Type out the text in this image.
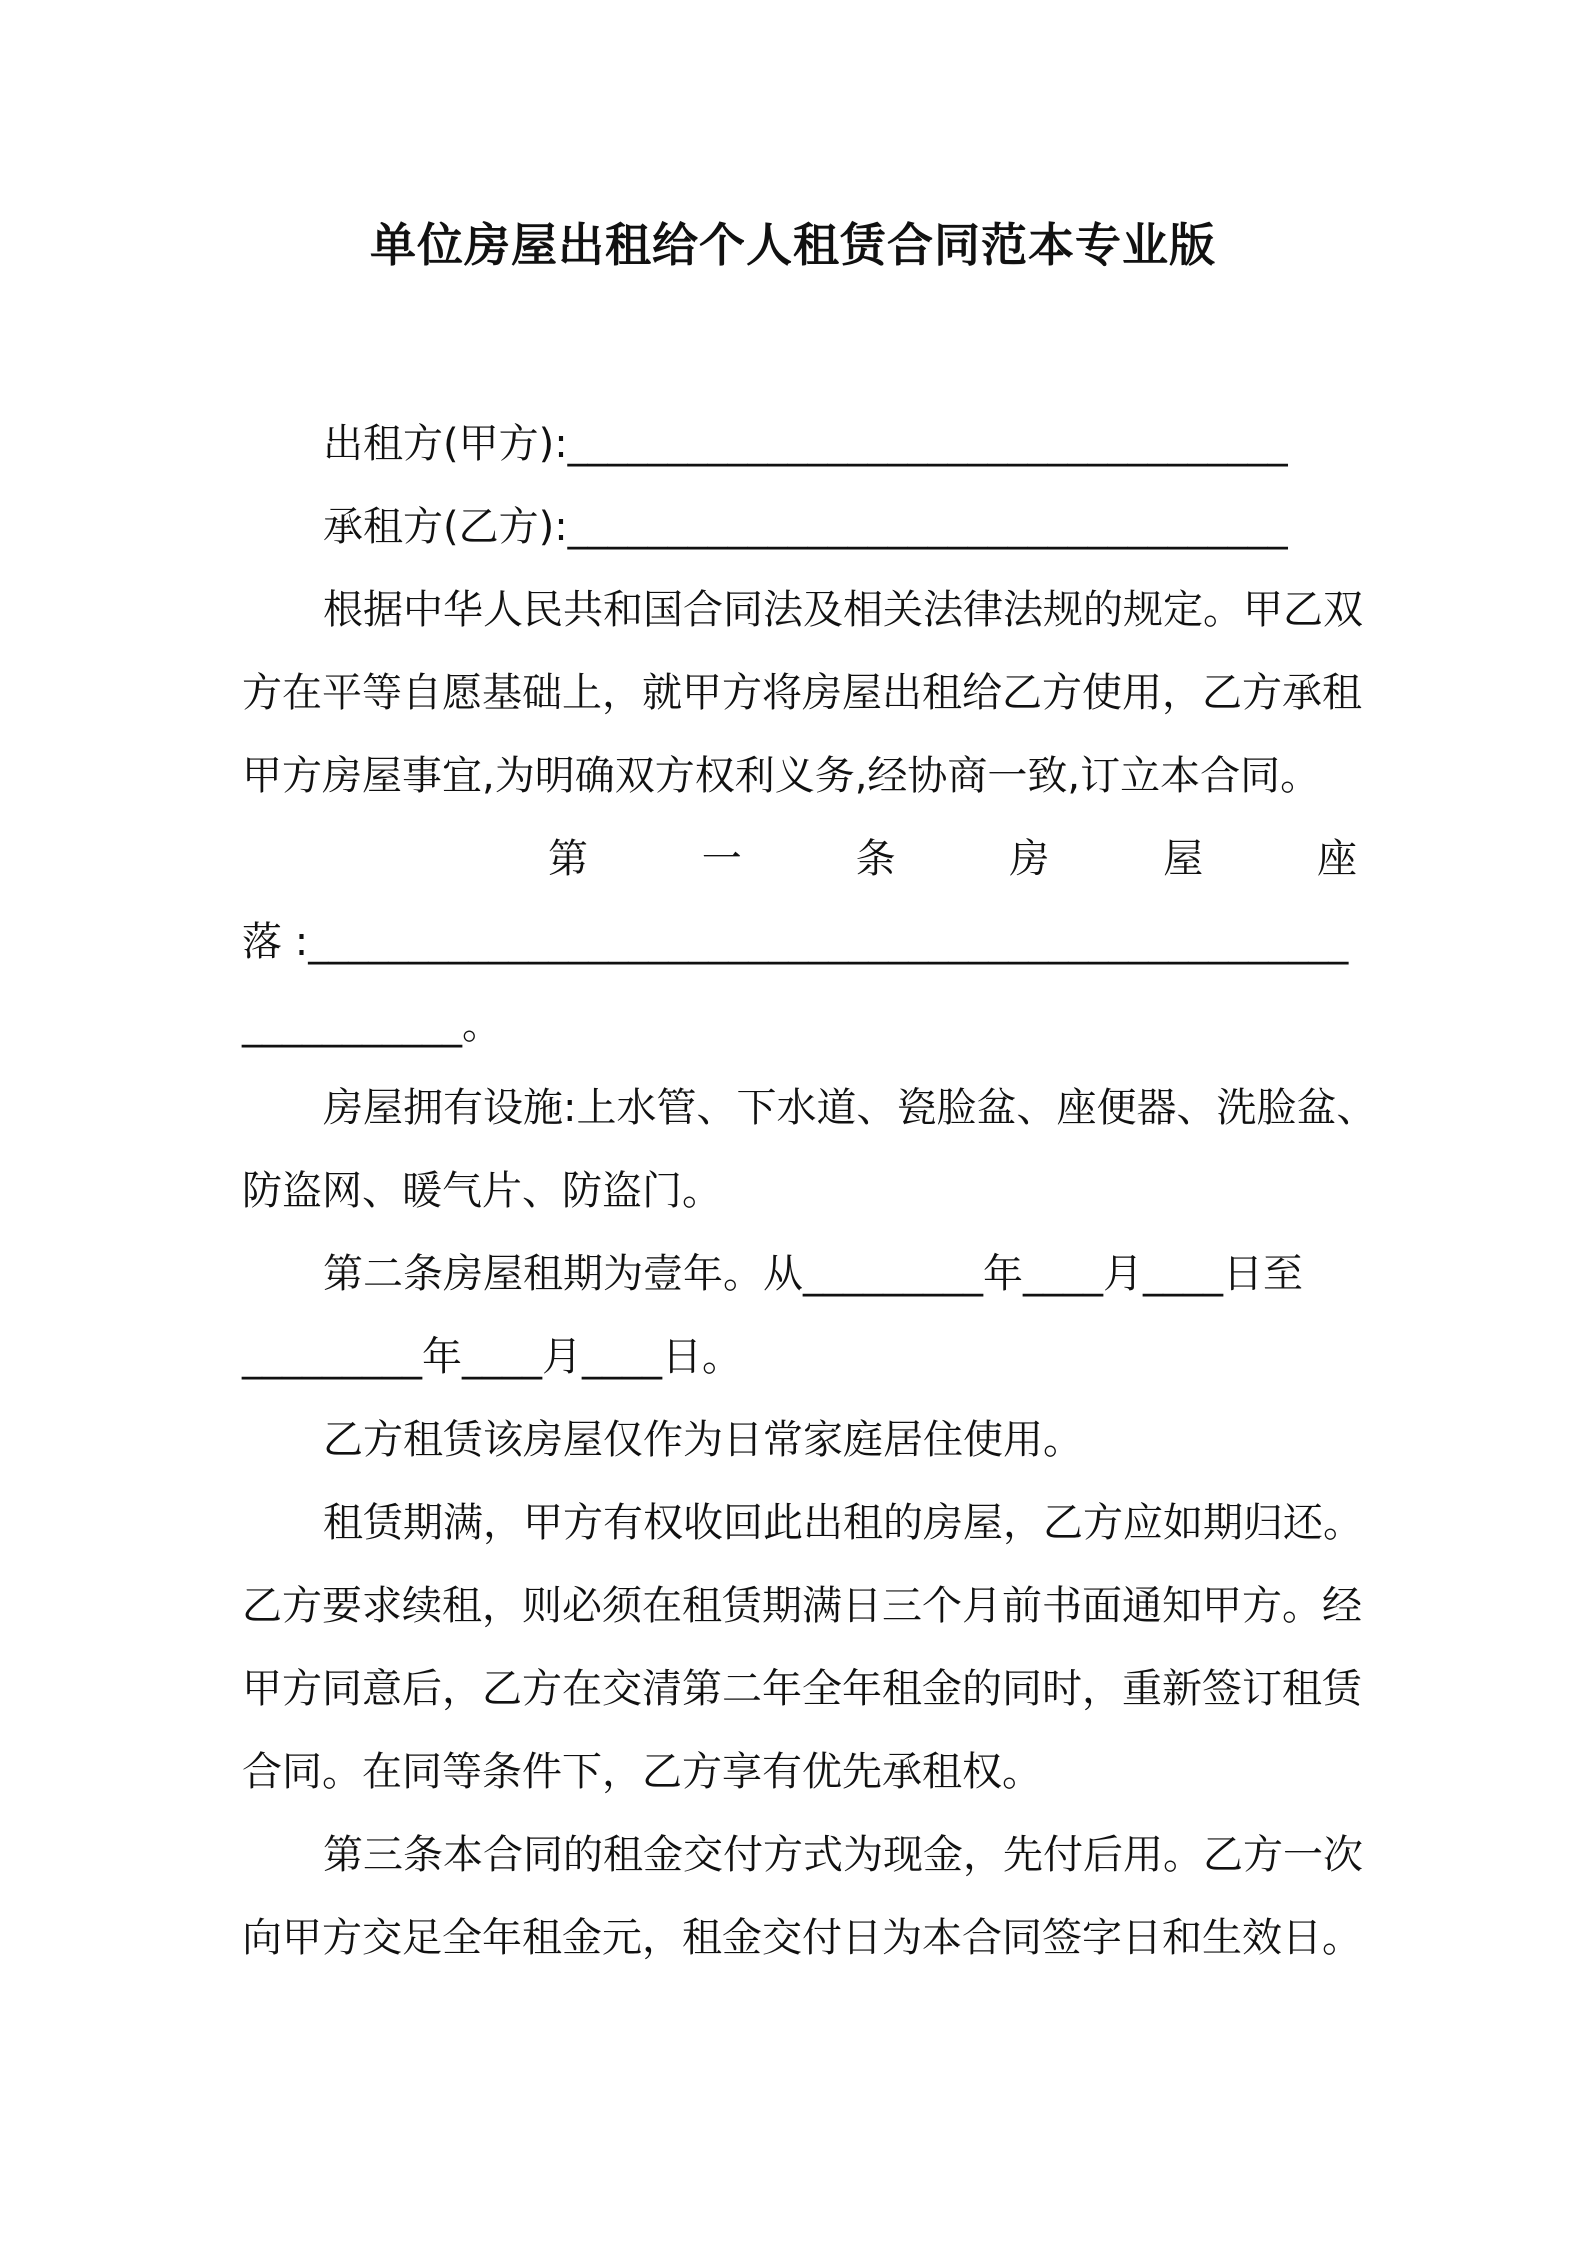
单位房屋出租给个人租赁合同范本专业版
出租方(甲方):____________________________________
承租方(乙方):____________________________________
根据中华人民共和国合同法及相关法律法规的规定。甲乙双
方在平等自愿基础上，就甲方将房屋出租给乙方使用，乙方承租
甲方房屋事宜,为明确双方权利义务,经协商一致,订立本合同。
第　一　条　房　屋　座
落 :____________________________________________________
___________。
房屋拥有设施:上水管、下水道、瓷脸盆、座便器、洗脸盆、
防盗网、暖气片、防盗门。
第二条房屋租期为壹年。从_________年____月____日至
_________年____月____日。
乙方租赁该房屋仅作为日常家庭居住使用。
租赁期满，甲方有权收回此出租的房屋，乙方应如期归还。
乙方要求续租，则必须在租赁期满日三个月前书面通知甲方。经
甲方同意后，乙方在交清第二年全年租金的同时，重新签订租赁
合同。在同等条件下，乙方享有优先承租权。
第三条本合同的租金交付方式为现金，先付后用。乙方一次
向甲方交足全年租金元，租金交付日为本合同签字日和生效日。
